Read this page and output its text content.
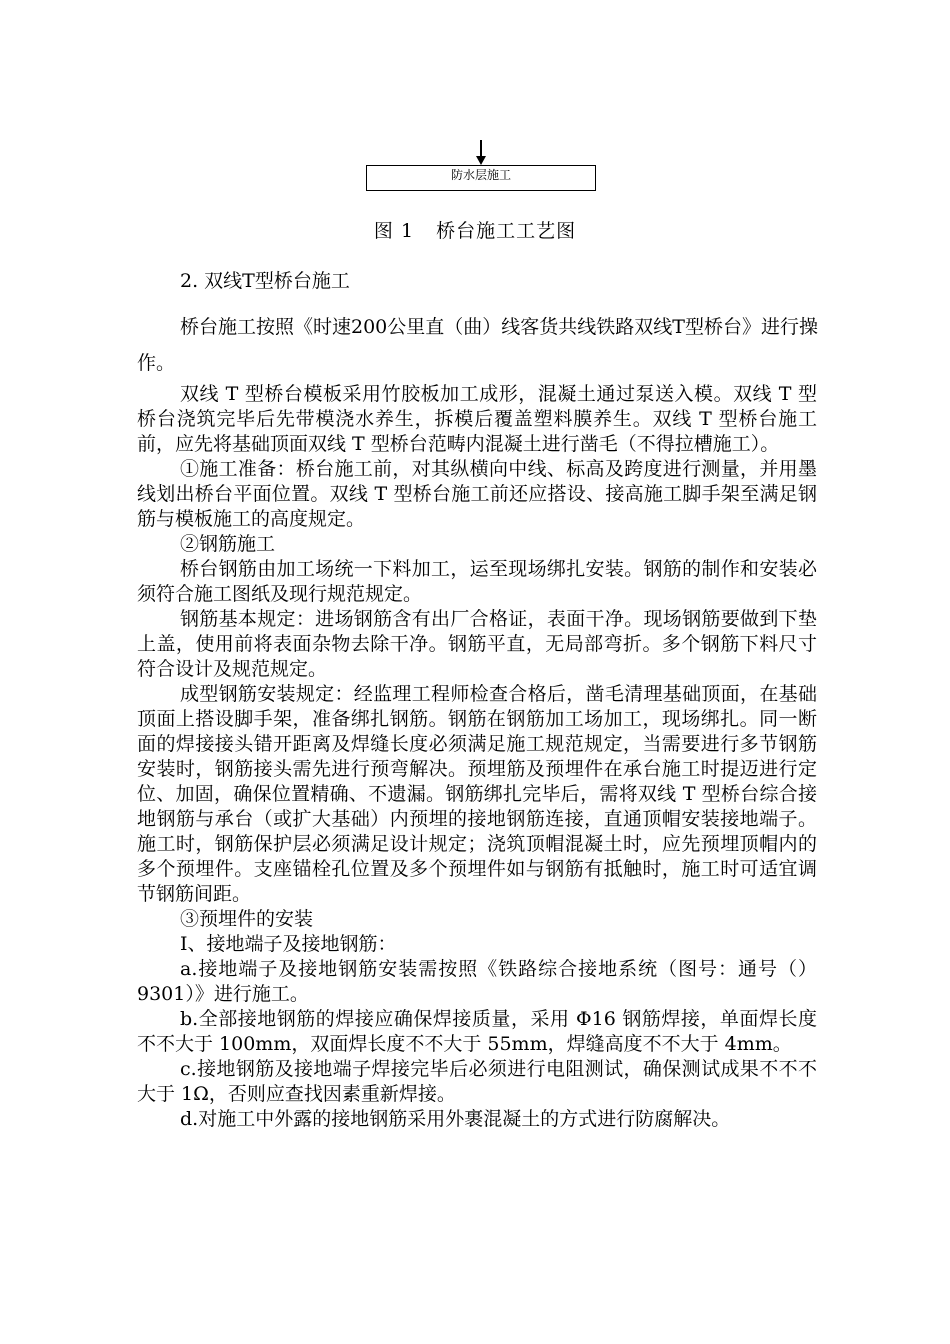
防水层施工
图 1 桥台施工工艺图

2. 双线T型桥台施工

桥台施工按照《时速200公里直（曲）线客货共线铁路双线T型桥台》进行操

作。

双线 T 型桥台模板采用竹胶板加工成形，混凝土通过泵送入模。双线 T 型桥台浇筑完毕后先带模浇水养生，拆模后覆盖塑料膜养生。双线 T 型桥台施工前，应先将基础顶面双线 T 型桥台范畴内混凝土进行凿毛（不得拉槽施工）。

①施工准备：桥台施工前，对其纵横向中线、标高及跨度进行测量，并用墨线划出桥台平面位置。双线 T 型桥台施工前还应搭设、接高施工脚手架至满足钢筋与模板施工的高度规定。

②钢筋施工

桥台钢筋由加工场统一下料加工，运至现场绑扎安装。钢筋的制作和安装必须符合施工图纸及现行规范规定。

钢筋基本规定：进场钢筋含有出厂合格证，表面干净。现场钢筋要做到下垫上盖，使用前将表面杂物去除干净。钢筋平直，无局部弯折。多个钢筋下料尺寸符合设计及规范规定。

成型钢筋安装规定：经监理工程师检查合格后，凿毛清理基础顶面，在基础顶面上搭设脚手架，准备绑扎钢筋。钢筋在钢筋加工场加工，现场绑扎。同一断面的焊接接头错开距离及焊缝长度必须满足施工规范规定，当需要进行多节钢筋安装时，钢筋接头需先进行预弯解决。预埋筋及预埋件在承台施工时提迈进行定位、加固，确保位置精确、不遗漏。钢筋绑扎完毕后，需将双线 T 型桥台综合接地钢筋与承台（或扩大基础）内预埋的接地钢筋连接，直通顶帽安装接地端子。施工时，钢筋保护层必须满足设计规定；浇筑顶帽混凝土时，应先预埋顶帽内的多个预埋件。支座锚栓孔位置及多个预埋件如与钢筋有抵触时，施工时可适宜调节钢筋间距。

③预埋件的安装

Ⅰ、接地端子及接地钢筋：

a.接地端子及接地钢筋安装需按照《铁路综合接地系统（图号：通号（）9301）》进行施工。

b.全部接地钢筋的焊接应确保焊接质量，采用 Φ16 钢筋焊接，单面焊长度不不大于 100mm，双面焊长度不不大于 55mm，焊缝高度不不大于 4mm。

c.接地钢筋及接地端子焊接完毕后必须进行电阻测试，确保测试成果不不不大于 1Ω，否则应查找因素重新焊接。

d.对施工中外露的接地钢筋采用外裹混凝土的方式进行防腐解决。
